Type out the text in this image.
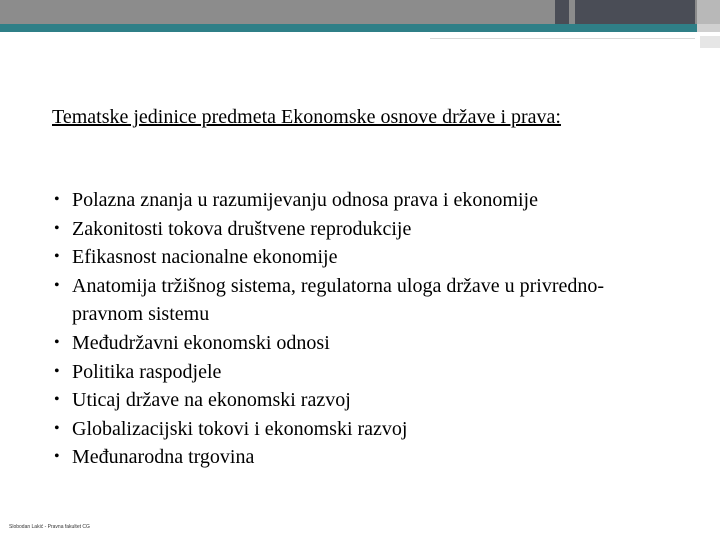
Tematske jedinice predmeta Ekonomske osnove države i prava:
• Polazna znanja u razumijevanju odnosa prava i ekonomije
• Zakonitosti tokova društvene reprodukcije
• Efikasnost nacionalne ekonomije
• Anatomija tržišnog sistema, regulatorna uloga države u privredno-pravnom sistemu
• Međudržavni ekonomski odnosi
• Politika raspodjele
• Uticaj države na ekonomski razvoj
• Globalizacijski tokovi i ekonomski razvoj
• Međunarodna trgovina
Slobodan Lakić - Pravna fakultet CG
